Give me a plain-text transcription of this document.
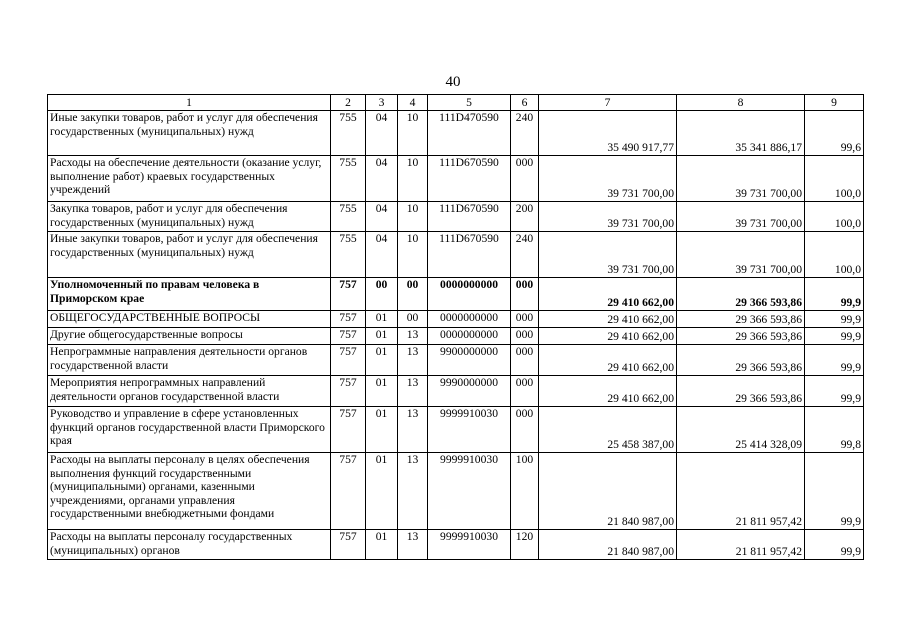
40
1	2	3	4	5	6	7	8	9
Иные закупки товаров, работ и услуг для обеспечения государственных (муниципальных) нужд	755	04	10	111D470590	240	35 490 917,77	35 341 886,17	99,6
Расходы на обеспечение деятельности (оказание услуг, выполнение работ) краевых государственных учреждений	755	04	10	111D670590	000	39 731 700,00	39 731 700,00	100,0
Закупка товаров, работ и услуг для обеспечения государственных (муниципальных) нужд	755	04	10	111D670590	200	39 731 700,00	39 731 700,00	100,0
Иные закупки товаров, работ и услуг для обеспечения государственных (муниципальных) нужд	755	04	10	111D670590	240	39 731 700,00	39 731 700,00	100,0
Уполномоченный по правам человека в Приморском крае	757	00	00	0000000000	000	29 410 662,00	29 366 593,86	99,9
ОБЩЕГОСУДАРСТВЕННЫЕ ВОПРОСЫ	757	01	00	0000000000	000	29 410 662,00	29 366 593,86	99,9
Другие общегосударственные вопросы	757	01	13	0000000000	000	29 410 662,00	29 366 593,86	99,9
Непрограммные направления деятельности органов государственной власти	757	01	13	9900000000	000	29 410 662,00	29 366 593,86	99,9
Мероприятия непрограммных направлений деятельности органов государственной власти	757	01	13	9990000000	000	29 410 662,00	29 366 593,86	99,9
Руководство и управление в сфере установленных функций органов государственной власти Приморского края	757	01	13	9999910030	000	25 458 387,00	25 414 328,09	99,8
Расходы на выплаты персоналу в целях обеспечения выполнения функций государственными (муниципальными) органами, казенными учреждениями, органами управления государственными внебюджетными фондами	757	01	13	9999910030	100	21 840 987,00	21 811 957,42	99,9
Расходы на выплаты персоналу государственных (муниципальных) органов	757	01	13	9999910030	120	21 840 987,00	21 811 957,42	99,9
